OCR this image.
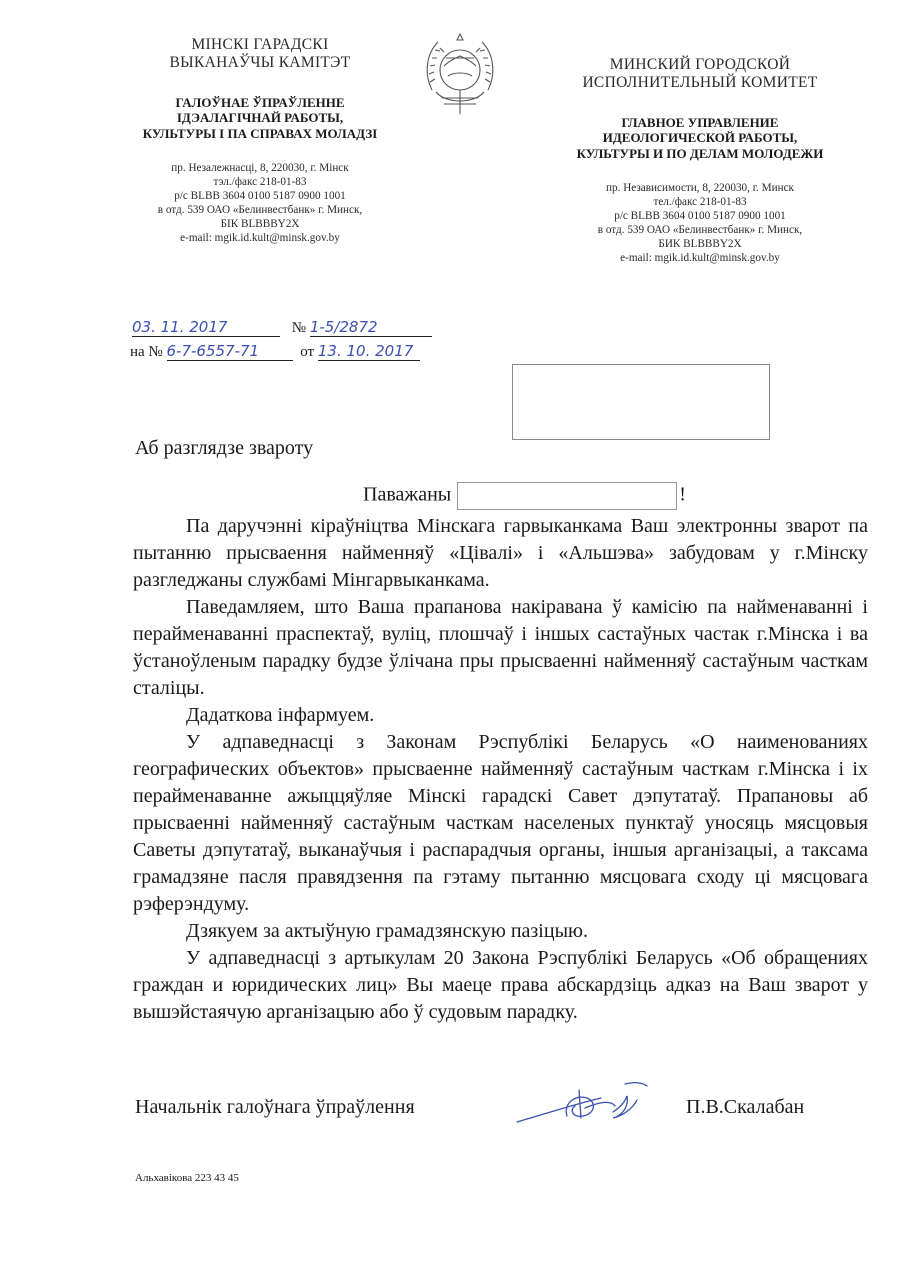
МІНСКІ ГАРАДСКІ
ВЫКАНАЎЧЫ КАМІТЭТ
ГАЛОЎНАЕ ЎПРАЎЛЕННЕ
ІДЭАЛАГІЧНАЙ РАБОТЫ,
КУЛЬТУРЫ І ПА СПРАВАХ МОЛАДЗІ
пр. Незалежнасці, 8, 220030, г. Мінск
тэл./факс 218-01-83
р/с BLBB 3604 0100 5187 0900 1001
в отд. 539 ОАО «Белинвестбанк» г. Минск,
БІК BLBBBY2X
e-mail: mgik.id.kult@minsk.gov.by
МИНСКИЙ ГОРОДСКОЙ
ИСПОЛНИТЕЛЬНЫЙ КОМИТЕТ
ГЛАВНОЕ УПРАВЛЕНИЕ
ИДЕОЛОГИЧЕСКОЙ РАБОТЫ,
КУЛЬТУРЫ И ПО ДЕЛАМ МОЛОДЕЖИ
пр. Независимости, 8, 220030, г. Минск
тел./факс 218-01-83
р/с BLBB 3604 0100 5187 0900 1001
в отд. 539 ОАО «Белинвестбанк» г. Минск,
БИК BLBBBY2X
e-mail: mgik.id.kult@minsk.gov.by
03. 11. 2017	№ 1-5/2872
на № 6-7-6557-71	от 13. 10. 2017
Аб разглядзе звароту
Паважаны	!

Па даручэнні кіраўніцтва Мінскага гарвыканкама Ваш электронны зварот па пытанню прысваення найменняў «Цівалі» і «Альшэва» забудовам у г.Мінску разгледжаны службамі Мінгарвыканкама.

Паведамляем, што Ваша прапанова накіравана ў камісію па найменаванні і перайменаванні праспектаў, вуліц, плошчаў і іншых састаўных частак г.Мінска і ва ўстаноўленым парадку будзе ўлічана пры прысваенні найменняў састаўным часткам сталіцы.

Дадаткова інфармуем.

У адпаведнасці з Законам Рэспублікі Беларусь «О наименованиях географических объектов» прысваенне найменняў састаўным часткам г.Мінска і іх перайменаванне ажыццяўляе Мінскі гарадскі Савет дэпутатаў. Прапановы аб прысваенні найменняў састаўным часткам населеных пунктаў уносяць мясцовыя Саветы дэпутатаў, выканаўчыя і распарадчыя органы, іншыя арганізацыі, а таксама грамадзяне пасля правядзення па гэтаму пытанню мясцовага сходу ці мясцовага рэферэндуму.

Дзякуем за актыўную грамадзянскую пазіцыю.

У адпаведнасці з артыкулам 20 Закона Рэспублікі Беларусь «Об обращениях граждан и юридических лиц» Вы маеце права абскардзіць адказ на Ваш зварот у вышэйстаячую арганізацыю або ў судовым парадку.

Начальнік галоўнага ўпраўлення	П.В.Скалабан
Альхавікова 223 43 45
